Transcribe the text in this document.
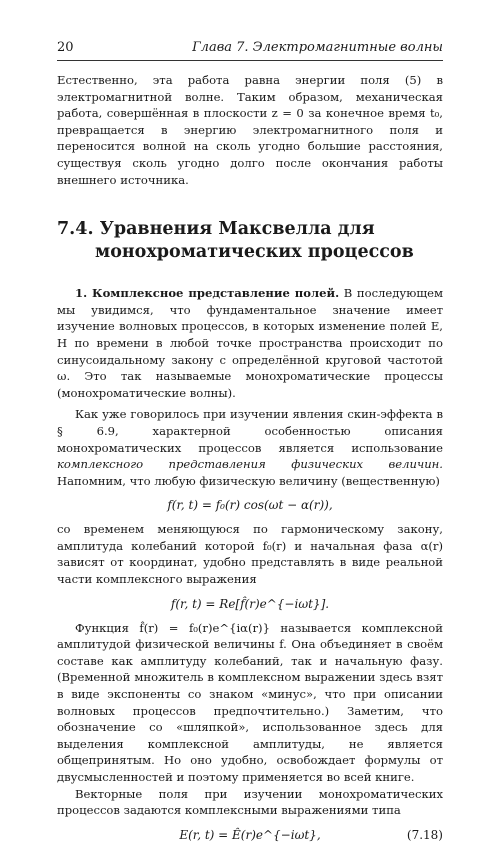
20	Глава 7. Электромагнитные волны

Естественно, эта работа равна энергии поля (5) в электромагнитной волне. Таким образом, механическая работа, совершённая в плоскости z = 0 за конечное время t₀, превращается в энергию электромагнитного поля и переносится волной на сколь угодно большие расстояния, существуя сколь угодно долго после окончания работы внешнего источника.

7.4. Уравнения Максвелла для
монохроматических процессов

1. Комплексное представление полей. В последующем мы увидимся, что фундаментальное значение имеет изучение волновых процессов, в которых изменение полей E, H по времени в любой точке пространства происходит по синусоидальному закону с определённой круговой частотой ω. Это так называемые монохроматические процессы (монохроматические волны).

Как уже говорилось при изучении явления скин-эффекта в § 6.9, характерной особенностью описания монохроматических процессов является использование комплексного представления физических величин. Напомним, что любую физическую величину (вещественную)

f(r, t) = f₀(r) cos(ωt − α(r)),

со временем меняющуюся по гармоническому закону, амплитуда колебаний которой f₀(r) и начальная фаза α(r) зависят от координат, удобно представлять в виде реальной части комплексного выражения

f(r, t) = Re[f̂(r)e^{−iωt}].

Функция f̂(r) = f₀(r)e^{iα(r)} называется комплексной амплитудой физической величины f. Она объединяет в своём составе как амплитуду колебаний, так и начальную фазу. (Временной множитель в комплексном выражении здесь взят в виде экспоненты со знаком «минус», что при описании волновых процессов предпочтительно.) Заметим, что обозначение со «шляпкой», использованное здесь для выделения комплексной амплитуды, не является общепринятым. Но оно удобно, освобождает формулы от двусмысленностей и поэтому применяется во всей книге.

Векторные поля при изучении монохроматических процессов задаются комплексными выражениями типа

E(r, t) = Ê(r)e^{−iωt},	(7.18)
